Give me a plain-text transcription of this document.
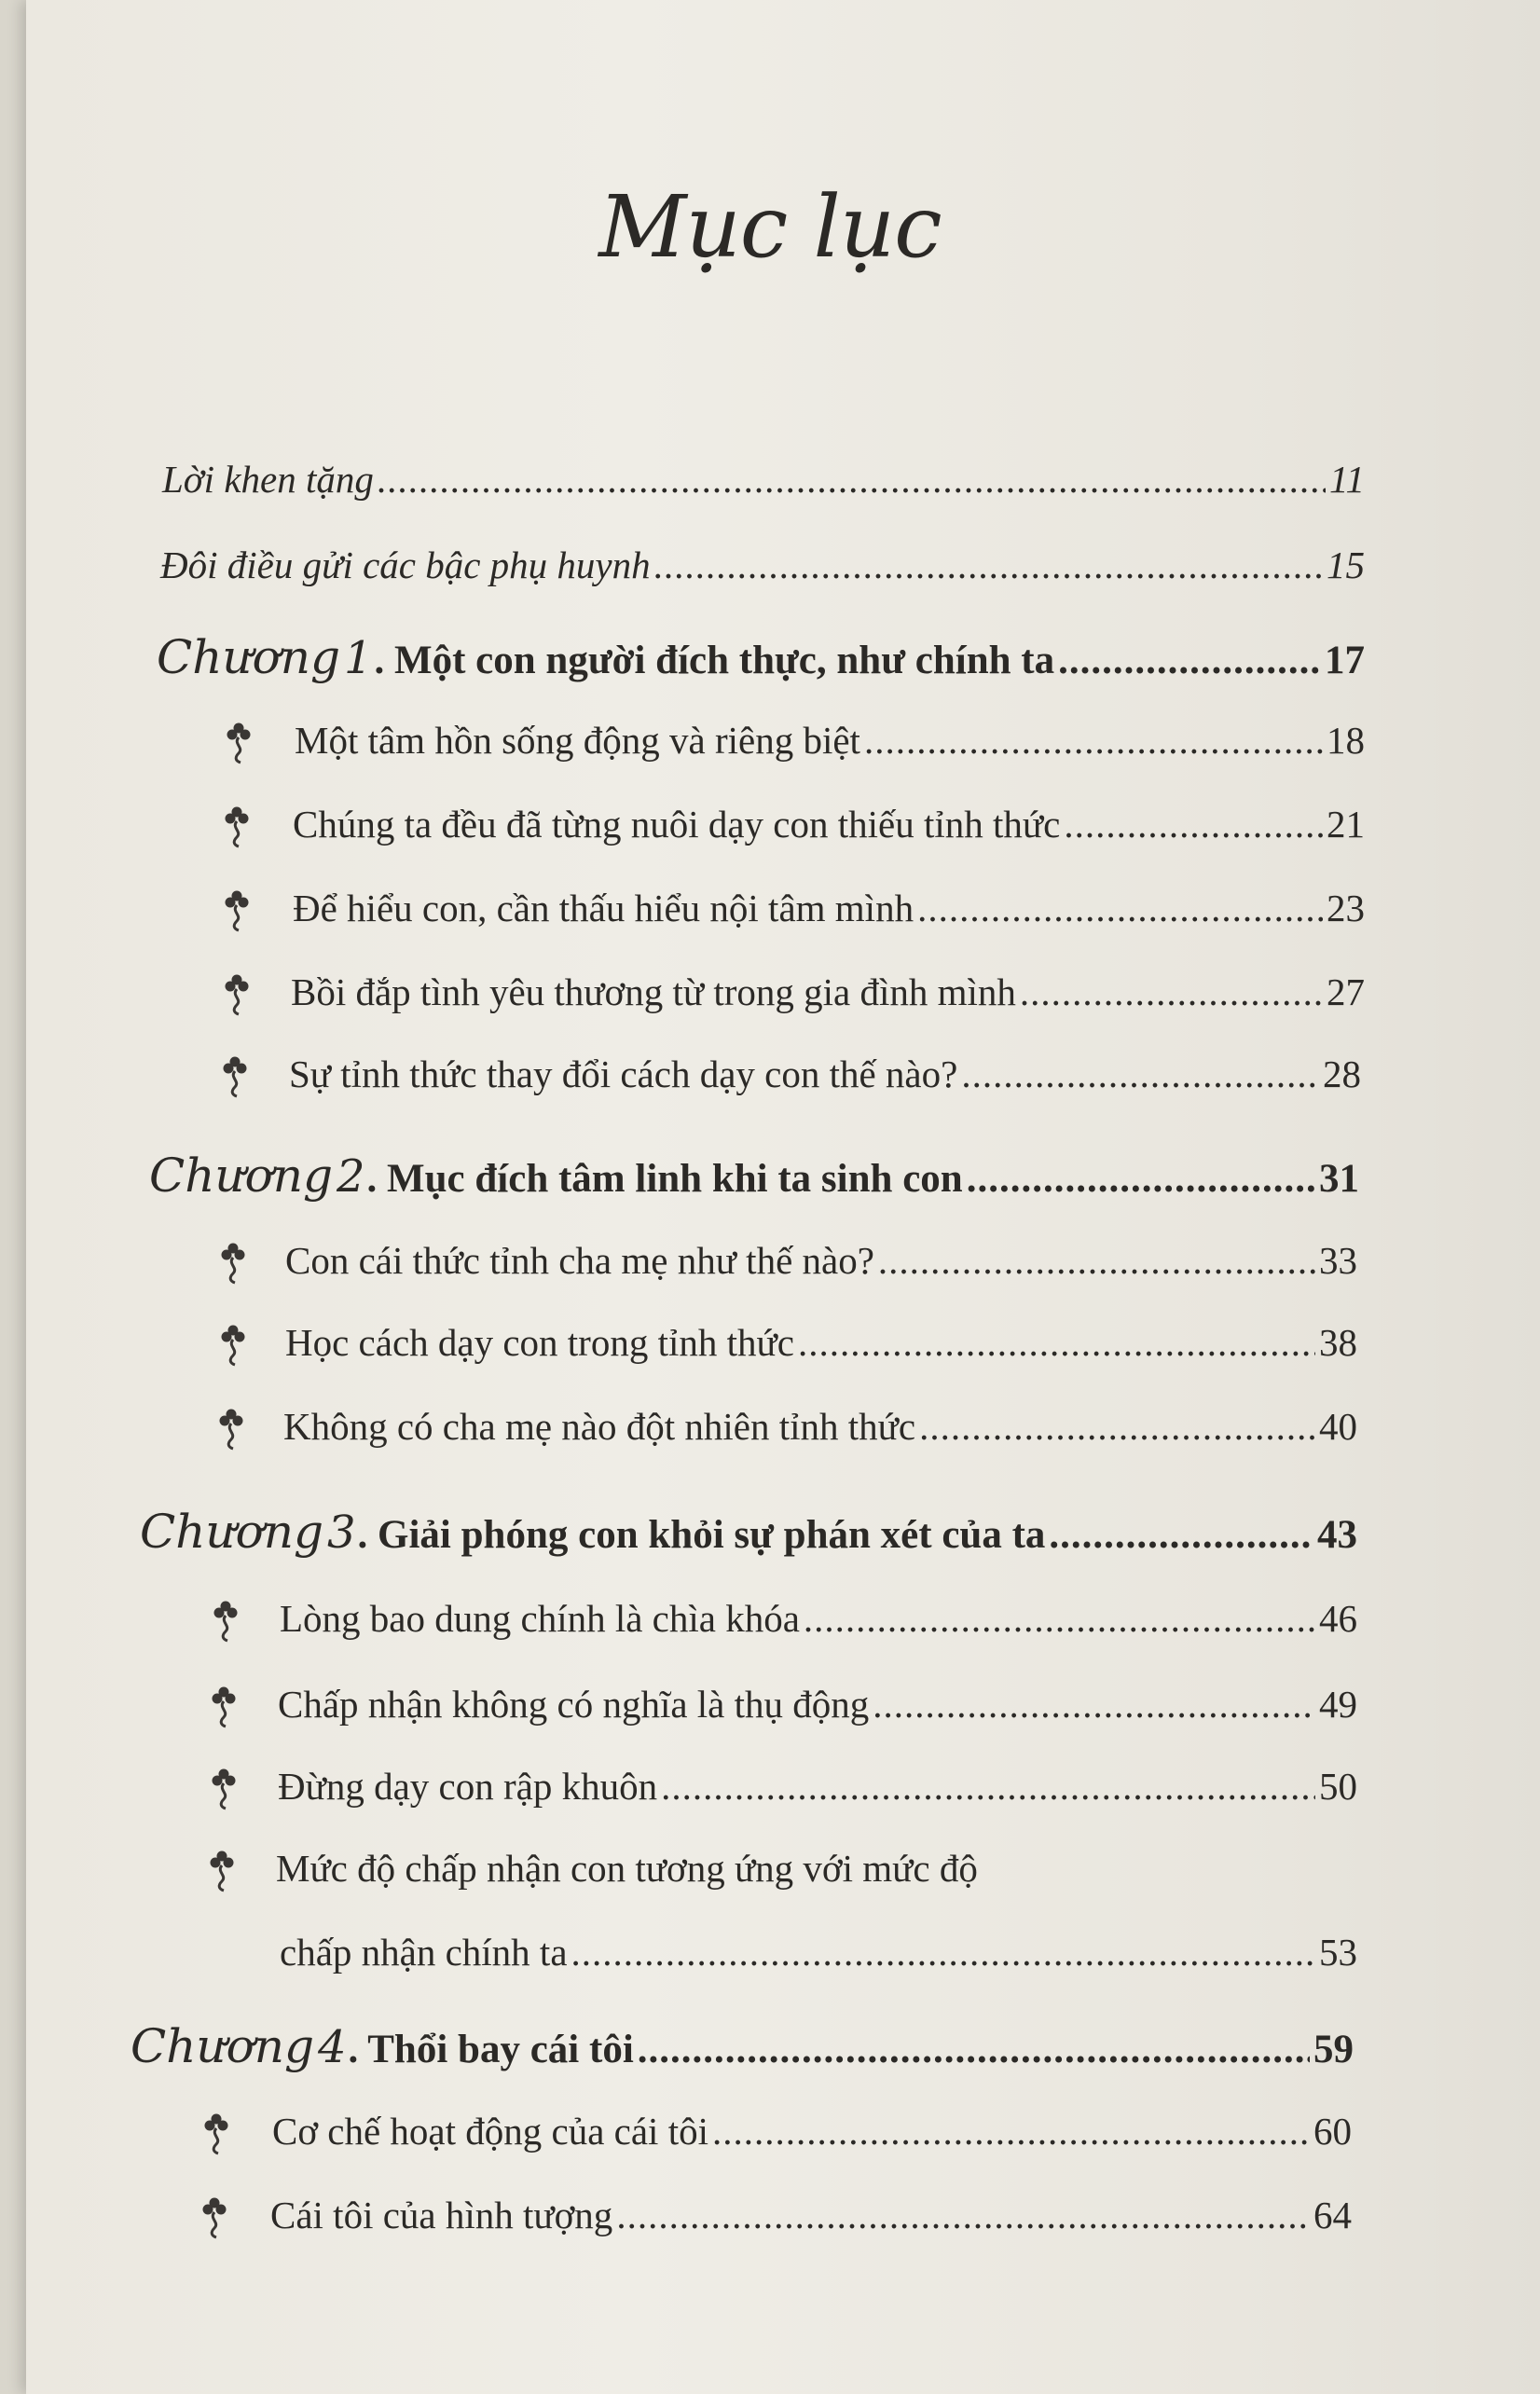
Mục lục
Lời khen tặng .....	11
Đôi điều gửi các bậc phụ huynh .....	15
Chương1. Một con người đích thực, như chính ta .....	17
Một tâm hồn sống động và riêng biệt .....	18
Chúng ta đều đã từng nuôi dạy con thiếu tỉnh thức .....	21
Để hiểu con, cần thấu hiểu nội tâm mình .....	23
Bồi đắp tình yêu thương từ trong gia đình mình .....	27
Sự tỉnh thức thay đổi cách dạy con thế nào? .....	28
Chương2. Mục đích tâm linh khi ta sinh con .....	31
Con cái thức tỉnh cha mẹ như thế nào? .....	33
Học cách dạy con trong tỉnh thức .....	38
Không có cha mẹ nào đột nhiên tỉnh thức .....	40
Chương3. Giải phóng con khỏi sự phán xét của ta .....	43
Lòng bao dung chính là chìa khóa .....	46
Chấp nhận không có nghĩa là thụ động .....	49
Đừng dạy con rập khuôn .....	50
Mức độ chấp nhận con tương ứng với mức độ
chấp nhận chính ta .....	53
Chương4. Thổi bay cái tôi .....	59
Cơ chế hoạt động của cái tôi .....	60
Cái tôi của hình tượng .....	64
